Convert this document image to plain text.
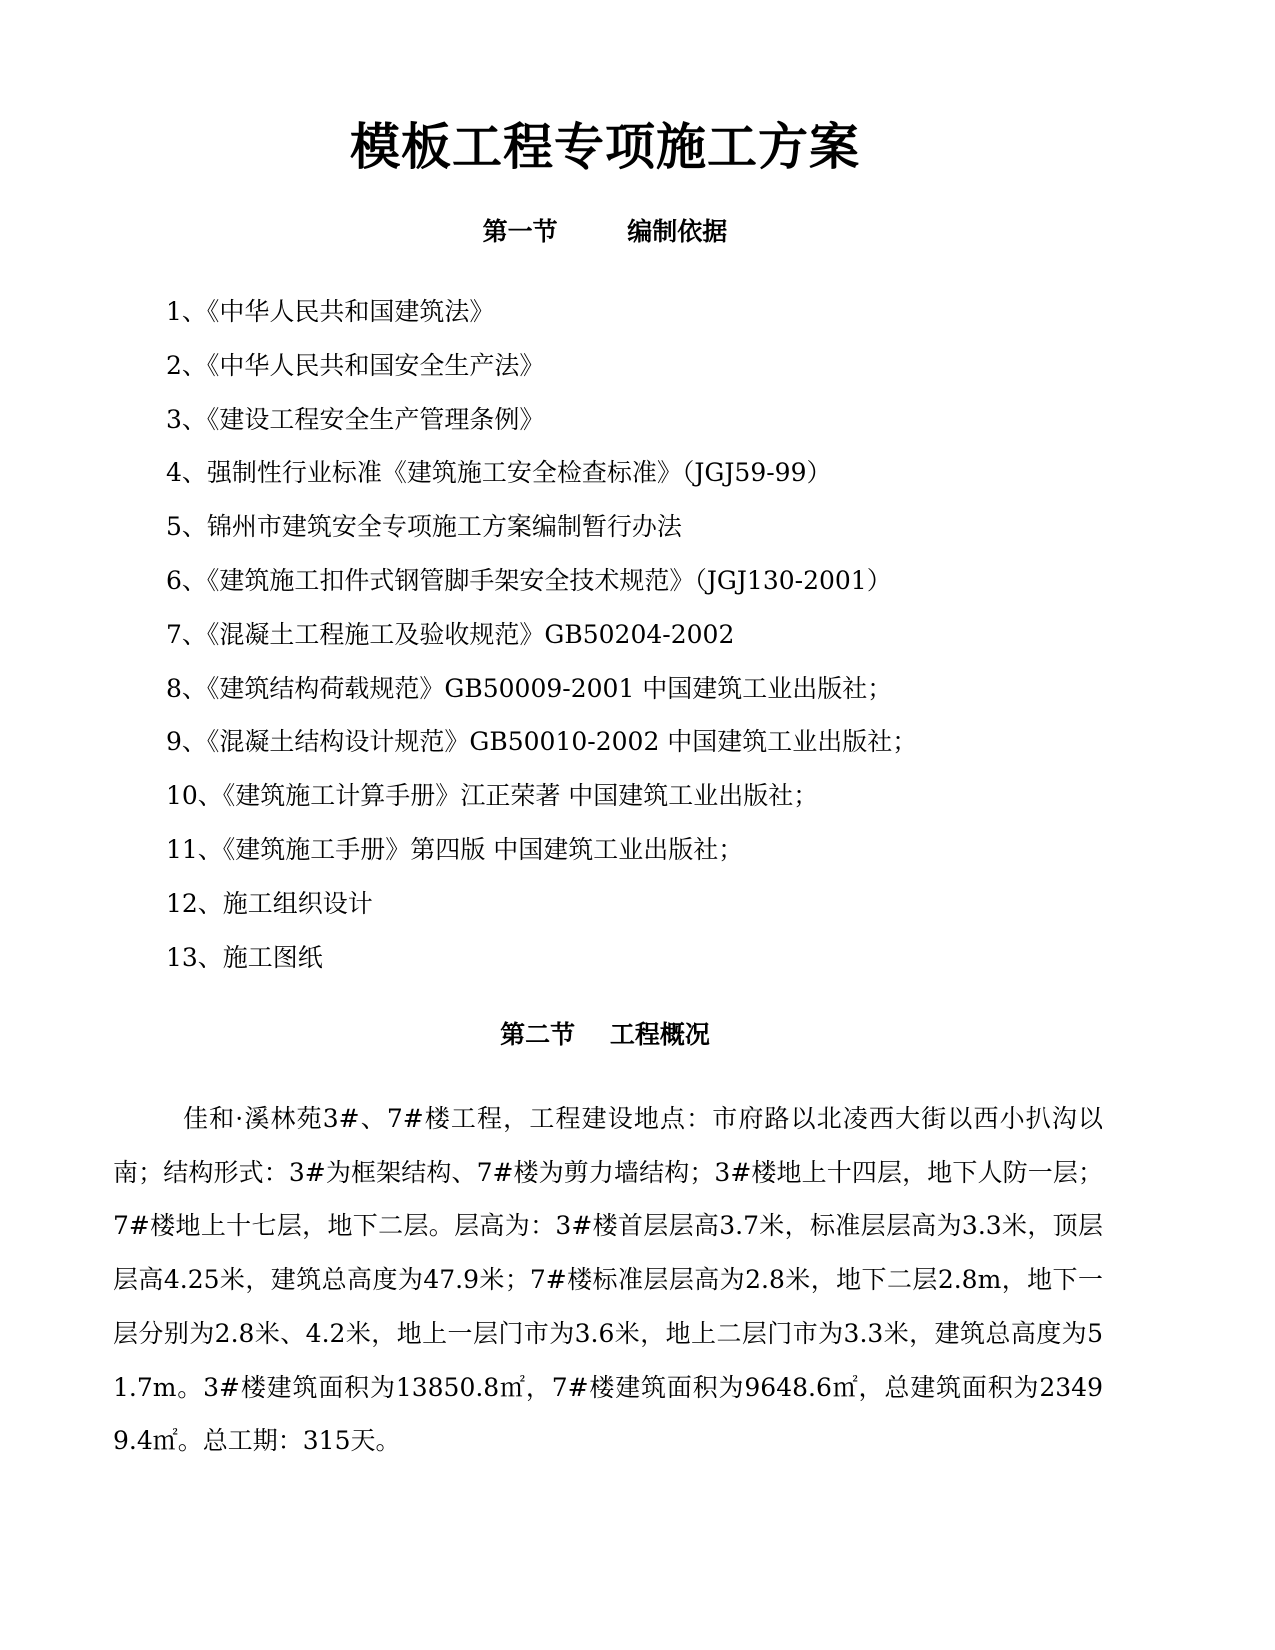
模板工程专项施工方案
第一节        编制依据
1、《中华人民共和国建筑法》
2、《中华人民共和国安全生产法》
3、《建设工程安全生产管理条例》
4、强制性行业标准《建筑施工安全检查标准》（JGJ59-99）
5、锦州市建筑安全专项施工方案编制暂行办法
6、《建筑施工扣件式钢管脚手架安全技术规范》（JGJ130-2001）
7、《混凝土工程施工及验收规范》GB50204-2002
8、《建筑结构荷载规范》GB50009-2001 中国建筑工业出版社；
9、《混凝土结构设计规范》GB50010-2002 中国建筑工业出版社；
10、《建筑施工计算手册》江正荣著 中国建筑工业出版社；
11、《建筑施工手册》第四版 中国建筑工业出版社；
12、施工组织设计
13、施工图纸
第二节    工程概况

佳和·溪林苑3#、7#楼工程，工程建设地点：市府路以北凌西大街以西小扒沟以南；结构形式：3#为框架结构、7#楼为剪力墙结构；3#楼地上十四层，地下人防一层；7#楼地上十七层，地下二层。层高为：3#楼首层层高3.7米，标准层层高为3.3米，顶层层高4.25米，建筑总高度为47.9米；7#楼标准层层高为2.8米，地下二层2.8m，地下一层分别为2.8米、4.2米，地上一层门市为3.6米，地上二层门市为3.3米，建筑总高度为51.7m。3#楼建筑面积为13850.8㎡，7#楼建筑面积为9648.6㎡，总建筑面积为23499.4㎡。总工期：315天。
